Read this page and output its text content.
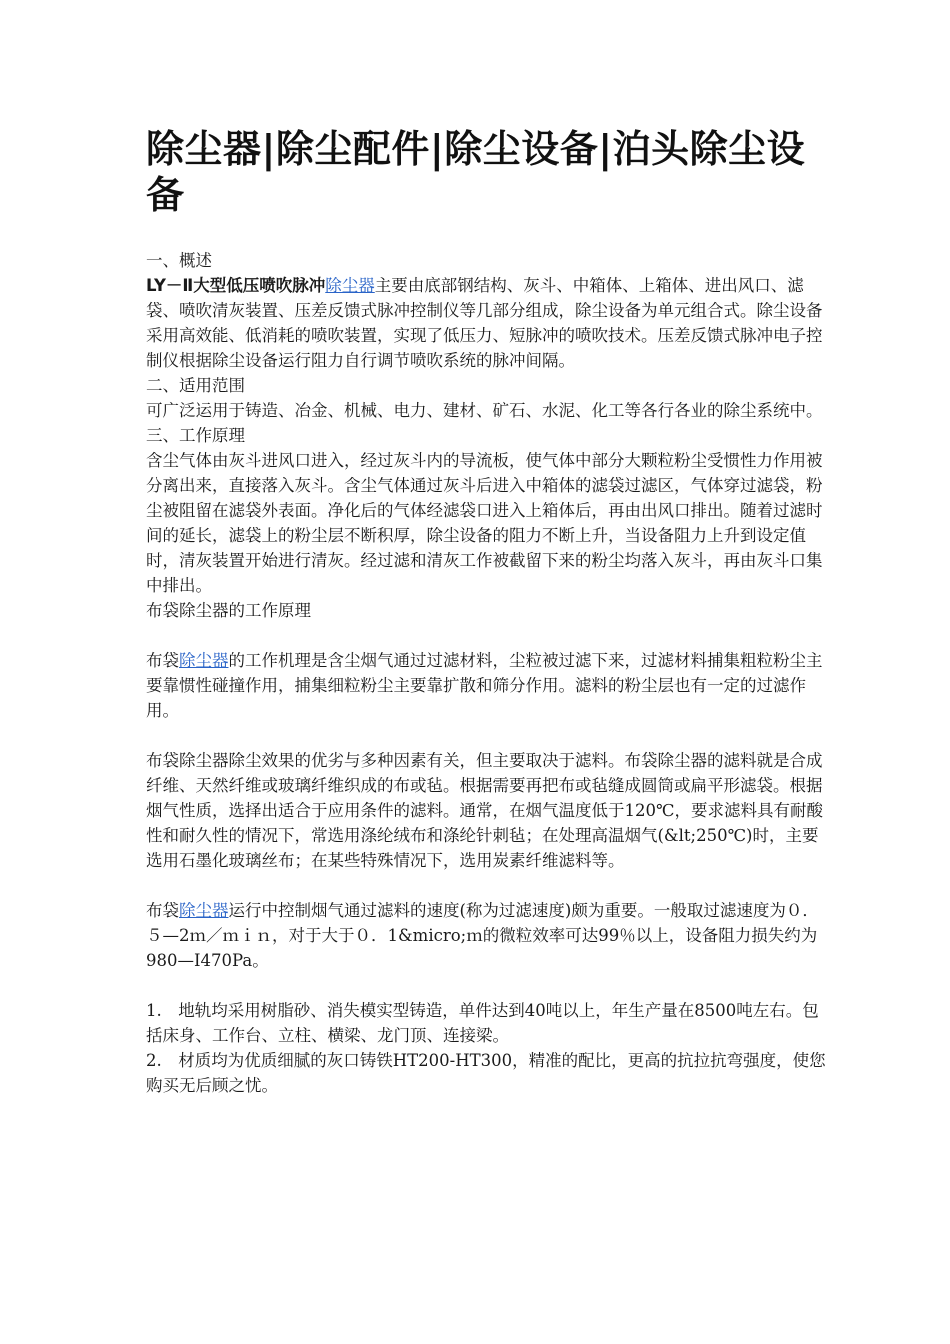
除尘器|除尘配件|除尘设备|泊头除尘设备

一、概述

LY－Ⅱ大型低压喷吹脉冲除尘器主要由底部钢结构、灰斗、中箱体、上箱体、进出风口、滤袋、喷吹清灰装置、压差反馈式脉冲控制仪等几部分组成，除尘设备为单元组合式。除尘设备采用高效能、低消耗的喷吹装置，实现了低压力、短脉冲的喷吹技术。压差反馈式脉冲电子控制仪根据除尘设备运行阻力自行调节喷吹系统的脉冲间隔。

二、适用范围

可广泛运用于铸造、冶金、机械、电力、建材、矿石、水泥、化工等各行各业的除尘系统中。

三、工作原理

含尘气体由灰斗进风口进入，经过灰斗内的导流板，使气体中部分大颗粒粉尘受惯性力作用被分离出来，直接落入灰斗。含尘气体通过灰斗后进入中箱体的滤袋过滤区，气体穿过滤袋，粉尘被阻留在滤袋外表面。净化后的气体经滤袋口进入上箱体后，再由出风口排出。随着过滤时间的延长，滤袋上的粉尘层不断积厚，除尘设备的阻力不断上升，当设备阻力上升到设定值时，清灰装置开始进行清灰。经过滤和清灰工作被截留下来的粉尘均落入灰斗，再由灰斗口集中排出。

布袋除尘器的工作原理

布袋除尘器的工作机理是含尘烟气通过过滤材料，尘粒被过滤下来，过滤材料捕集粗粒粉尘主要靠惯性碰撞作用，捕集细粒粉尘主要靠扩散和筛分作用。滤料的粉尘层也有一定的过滤作用。

布袋除尘器除尘效果的优劣与多种因素有关，但主要取决于滤料。布袋除尘器的滤料就是合成纤维、天然纤维或玻璃纤维织成的布或毡。根据需要再把布或毡缝成圆筒或扁平形滤袋。根据烟气性质，选择出适合于应用条件的滤料。通常，在烟气温度低于120℃，要求滤料具有耐酸性和耐久性的情况下，常选用涤纶绒布和涤纶针刺毡；在处理高温烟气(&lt;250℃)时，主要选用石墨化玻璃丝布；在某些特殊情况下，选用炭素纤维滤料等。

布袋除尘器运行中控制烟气通过滤料的速度(称为过滤速度)颇为重要。一般取过滤速度为０．５—2ｍ／ｍｉｎ，对于大于０．1&micro;ｍ的微粒效率可达99％以上，设备阻力损失约为980—I470Pa。

1.　地轨均采用树脂砂、消失模实型铸造，单件达到40吨以上，年生产量在8500吨左右。包括床身、工作台、立柱、横梁、龙门顶、连接梁。

2.　材质均为优质细腻的灰口铸铁HT200-HT300，精准的配比，更高的抗拉抗弯强度，使您购买无后顾之忧。
